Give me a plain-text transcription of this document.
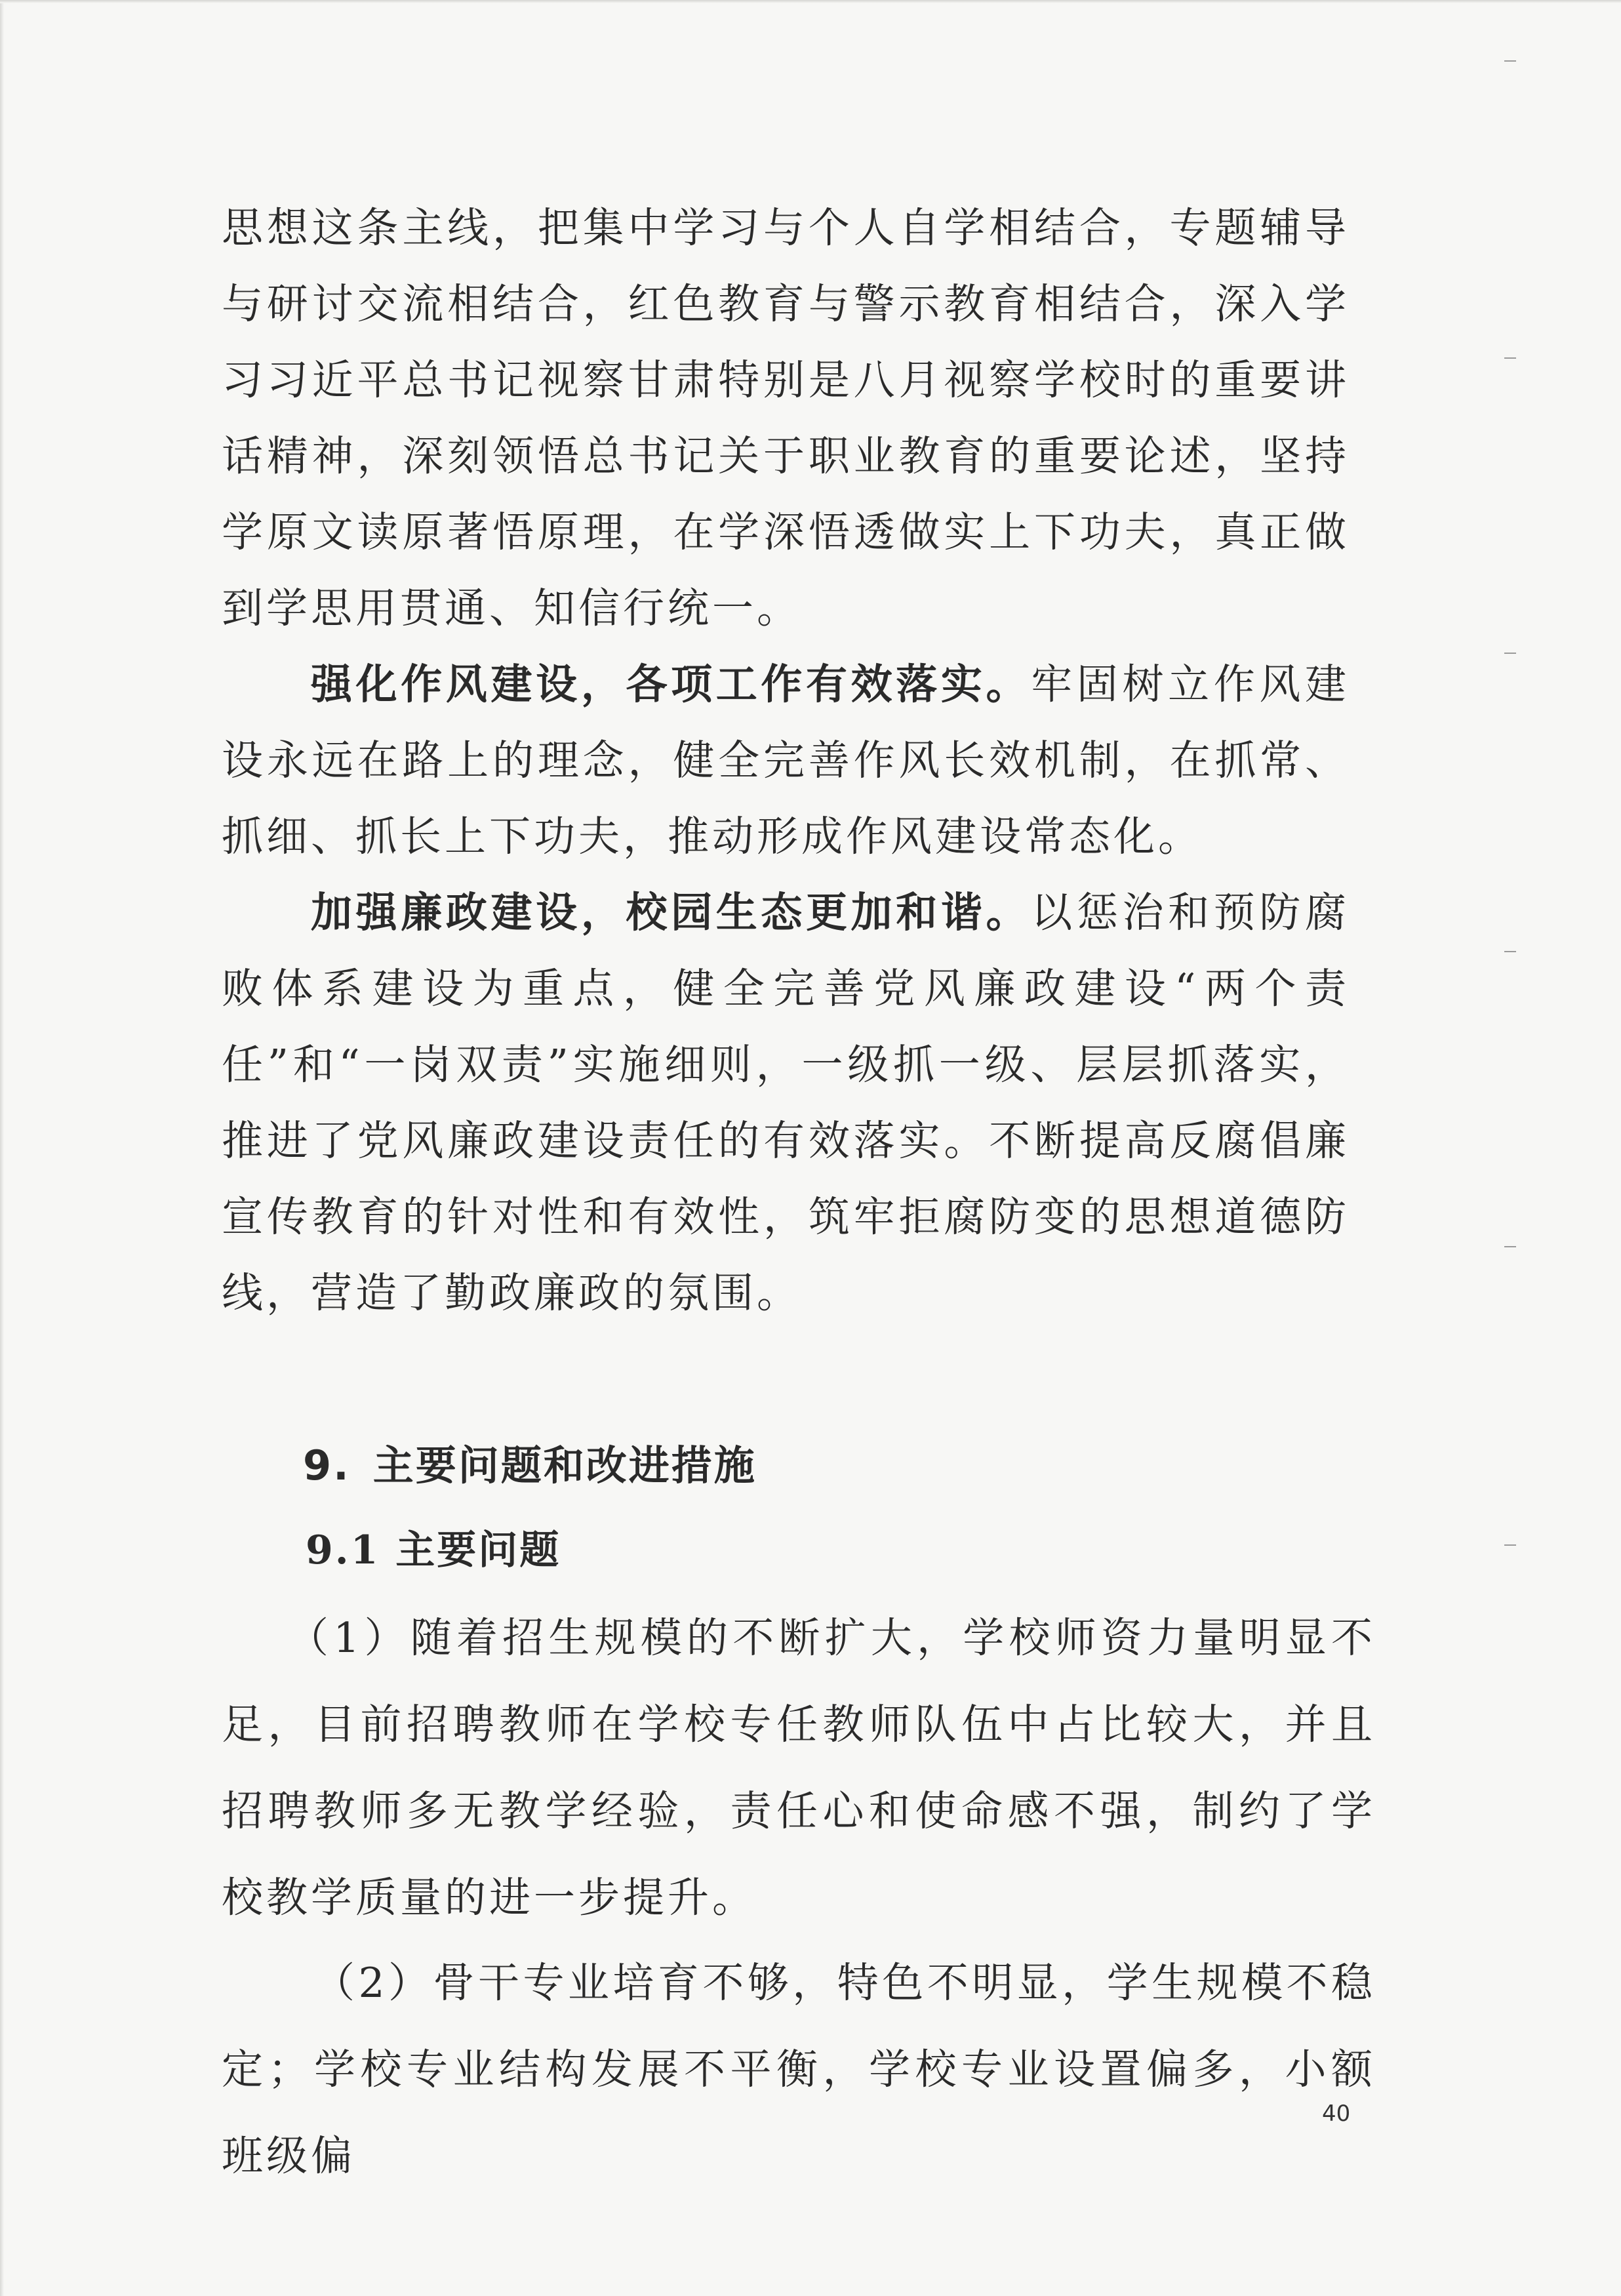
思想这条主线，把集中学习与个人自学相结合，专题辅导与研讨交流相结合，红色教育与警示教育相结合，深入学习习近平总书记视察甘肃特别是八月视察学校时的重要讲话精神，深刻领悟总书记关于职业教育的重要论述，坚持学原文读原著悟原理，在学深悟透做实上下功夫，真正做到学思用贯通、知信行统一。

强化作风建设，各项工作有效落实。牢固树立作风建设永远在路上的理念，健全完善作风长效机制，在抓常、抓细、抓长上下功夫，推动形成作风建设常态化。

加强廉政建设，校园生态更加和谐。以惩治和预防腐败体系建设为重点，健全完善党风廉政建设“两个责任”和“一岗双责”实施细则，一级抓一级、层层抓落实，推进了党风廉政建设责任的有效落实。不断提高反腐倡廉宣传教育的针对性和有效性，筑牢拒腐防变的思想道德防线，营造了勤政廉政的氛围。

9. 主要问题和改进措施
9.1 主要问题

（1）随着招生规模的不断扩大，学校师资力量明显不足，目前招聘教师在学校专任教师队伍中占比较大，并且招聘教师多无教学经验，责任心和使命感不强，制约了学校教学质量的进一步提升。

（2）骨干专业培育不够，特色不明显，学生规模不稳定；学校专业结构发展不平衡，学校专业设置偏多，小额班级偏

40
